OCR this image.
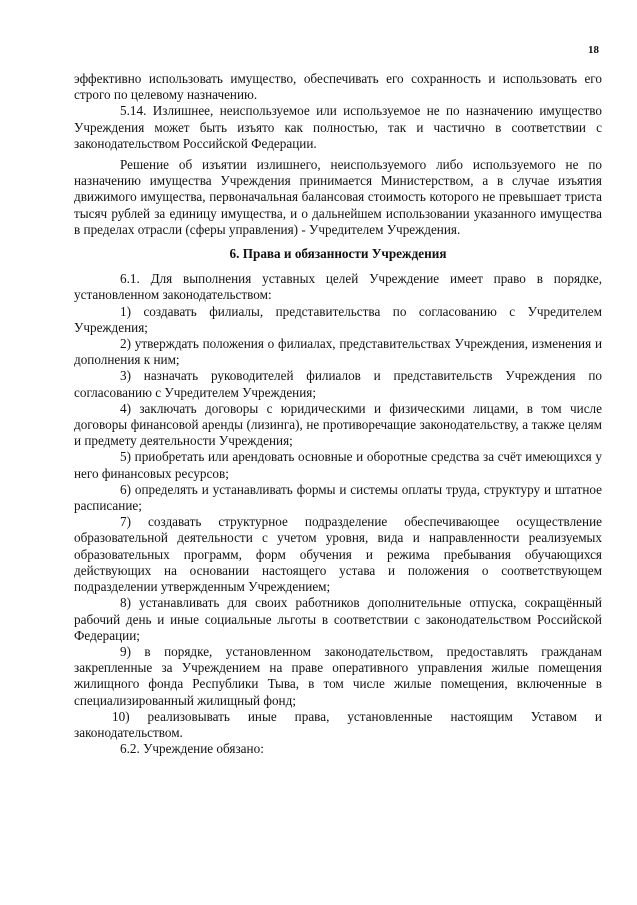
18

эффективно использовать имущество, обеспечивать его сохранность и использовать его строго по целевому назначению.

5.14. Излишнее, неиспользуемое или используемое не по назначению имущество Учреждения может быть изъято как полностью, так и частично в соответствии с законодательством Российской Федерации.

Решение об изъятии излишнего, неиспользуемого либо используемого не по назначению имущества Учреждения принимается Министерством, а в случае изъятия движимого имущества, первоначальная балансовая стоимость которого не превышает триста тысяч рублей за единицу имущества, и о дальнейшем использовании указанного имущества в пределах отрасли (сферы управления) - Учредителем Учреждения.

6. Права и обязанности Учреждения

6.1. Для выполнения уставных целей Учреждение имеет право в порядке, установленном законодательством:

1) создавать филиалы, представительства по согласованию с Учредителем Учреждения;

2) утверждать положения о филиалах, представительствах Учреждения, изменения и дополнения к ним;

3) назначать руководителей филиалов и представительств Учреждения по согласованию с Учредителем Учреждения;

4) заключать договоры с юридическими и физическими лицами, в том числе договоры финансовой аренды (лизинга), не противоречащие законодательству, а также целям и предмету деятельности Учреждения;

5) приобретать или арендовать основные и оборотные средства за счёт имеющихся у него финансовых ресурсов;

6) определять и устанавливать формы и системы оплаты труда, структуру и штатное расписание;

7) создавать структурное подразделение обеспечивающее осуществление образовательной деятельности с учетом уровня, вида и направленности реализуемых образовательных программ, форм обучения и режима пребывания обучающихся действующих на основании настоящего устава и положения о соответствующем подразделении утвержденным Учреждением;

8) устанавливать для своих работников дополнительные отпуска, сокращённый рабочий день и иные социальные льготы в соответствии с законодательством Российской Федерации;

9) в порядке, установленном законодательством, предоставлять гражданам закрепленные за Учреждением на праве оперативного управления жилые помещения жилищного фонда Республики Тыва, в том числе жилые помещения, включенные в специализированный жилищный фонд;

10) реализовывать иные права, установленные настоящим Уставом и законодательством.

6.2. Учреждение обязано:
